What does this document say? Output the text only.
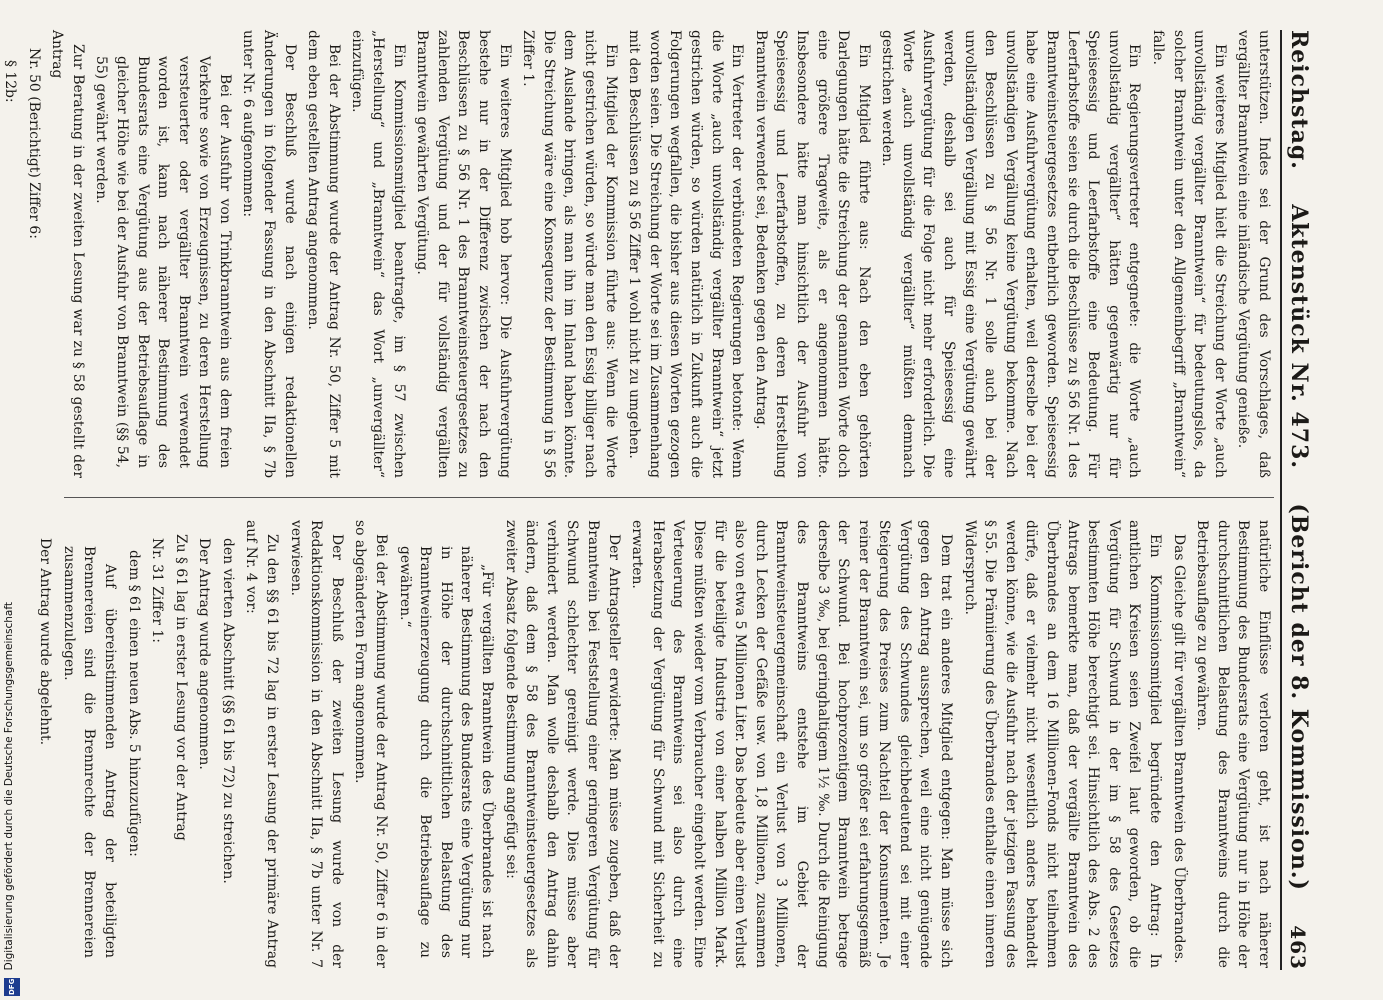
Digitalisierung gefördert durch die Deutsche Forschungsgemeinschaft
DFG
Reichstag.
Aktenstück Nr. 473.
(Bericht der 8. Kommission.)
463

unterstützen. Indes sei der Grund des Vorschlages, daß vergällter Branntwein eine inländische Vergütung genieße.

Ein weiteres Mitglied hielt die Streichung der Worte „auch unvollständig vergällter Branntwein“ für bedeutungslos, da solcher Branntwein unter den Allgemeinbegriff „Branntwein“ falle.

Ein Regierungsvertreter entgegnete: die Worte „auch unvollständig vergällter“ hätten gegenwärtig nur für Speiseessig und Leerfarbstoffe eine Bedeutung. Für Leerfarbstoffe seien sie durch die Beschlüsse zu § 56 Nr. 1 des Branntweinsteuergesetzes entbehrlich geworden. Speiseessig habe eine Ausfuhrvergütung erhalten, weil derselbe bei der unvollständigen Vergällung keine Vergütung bekomme. Nach den Beschlüssen zu § 56 Nr. 1 solle auch bei der unvollständigen Vergällung mit Essig eine Vergütung gewährt werden, deshalb sei auch für Speiseessig eine Ausfuhrvergütung für die Folge nicht mehr erforderlich. Die Worte „auch unvollständig vergällter“ müßten demnach gestrichen werden.

Ein Mitglied führte aus: Nach den eben gehörten Darlegungen hätte die Streichung der genannten Worte doch eine größere Tragweite, als er angenommen hätte. Insbesondere hätte man hinsichtlich der Ausfuhr von Speiseessig und Leerfarbstoffen, zu deren Herstellung Branntwein verwendet sei, Bedenken gegen den Antrag.

Ein Vertreter der verbündeten Regierungen betonte: Wenn die Worte „auch unvollständig vergällter Branntwein“ jetzt gestrichen würden, so würden natürlich in Zukunft auch die Folgerungen wegfallen, die bisher aus diesen Worten gezogen worden seien. Die Streichung der Worte sei im Zusammenhang mit den Beschlüssen zu § 56 Ziffer 1 wohl nicht zu umgehen.

Ein Mitglied der Kommission führte aus: Wenn die Worte nicht gestrichen würden, so würde man den Essig billiger nach dem Auslande bringen, als man ihn im Inland haben könnte. Die Streichung wäre eine Konsequenz der Bestimmung in § 56 Ziffer 1.

Ein weiteres Mitglied hob hervor: Die Ausfuhrvergütung bestehe nur in der Differenz zwischen der nach den Beschlüssen zu § 56 Nr. 1 des Branntweinsteuergesetzes zu zahlenden Vergütung und der für vollständig vergällten Branntwein gewährten Vergütung.

Ein Kommissionsmitglied beantragte, im § 57 zwischen „Herstellung“ und „Branntwein“ das Wort „unvergällter“ einzufügen.

Bei der Abstimmung wurde der Antrag Nr. 50, Ziffer 5 mit dem eben gestellten Antrag angenommen.

Der Beschluß wurde nach einigen redaktionellen Änderungen in folgender Fassung in den Abschnitt IIa, § 7b unter Nr. 6 aufgenommen:

Bei der Ausfuhr von Trinkbranntwein aus dem freien Verkehre sowie von Erzeugnissen, zu deren Herstellung versteuerter oder vergällter Branntwein verwendet worden ist, kann nach näherer Bestimmung des Bundesrats eine Vergütung aus der Betriebsauflage in gleicher Höhe wie bei der Ausfuhr von Branntwein (§§ 54, 55) gewährt werden.

Zur Beratung in der zweiten Lesung war zu § 58 gestellt der Antrag

Nr. 50 (Berichtigt) Ziffer 6:

§ 12b:

natürliche Einflüsse verloren geht, ist nach näherer Bestimmung des Bundesrats eine Vergütung nur in Höhe der durchschnittlichen Belastung des Branntweins durch die Betriebsauflage zu gewähren.

Das Gleiche gilt für vergällten Branntwein des Überbrandes.

Ein Kommissionsmitglied begründete den Antrag: In amtlichen Kreisen seien Zweifel laut geworden, ob die Vergütung für Schwund in der im § 58 des Gesetzes bestimmten Höhe berechtigt sei. Hinsichtlich des Abs. 2 des Antrags bemerkte man, daß der vergällte Branntwein des Überbrandes an dem 16 Millionen-Fonds nicht teilnehmen dürfe, daß er vielmehr nicht wesentlich anders behandelt werden könne, wie die Ausfuhr nach der jetzigen Fassung des § 55. Die Prämiierung des Überbrandes enthalte einen inneren Widerspruch.

Dem trat ein anderes Mitglied entgegen: Man müsse sich gegen den Antrag aussprechen, weil eine nicht genügende Vergütung des Schwundes gleichbedeutend sei mit einer Steigerung des Preises zum Nachteil der Konsumenten. Je reiner der Branntwein sei, um so größer sei erfahrungsgemäß der Schwund. Bei hochprozentigem Branntwein betrage derselbe 3 ‰, bei geringhaltigem 1½ ‰. Durch die Reinigung des Branntweins entstehe im Gebiet der Branntweinsteuergemeinschaft ein Verlust von 3 Millionen, durch Lecken der Gefäße usw. von 1,8 Millionen, zusammen also von etwa 5 Millionen Liter. Das bedeute aber einen Verlust für die beteiligte Industrie von einer halben Million Mark. Diese müßten wieder vom Verbraucher eingeholt werden. Eine Verteuerung des Branntweins sei also durch eine Herabsetzung der Vergütung für Schwund mit Sicherheit zu erwarten.

Der Antragsteller erwiderte: Man müsse zugeben, daß der Branntwein bei Feststellung einer geringeren Vergütung für Schwund schlechter gereinigt werde. Dies müsse aber verhindert werden. Man wolle deshalb den Antrag dahin ändern, daß dem § 58 des Branntweinsteuergesetzes als zweiter Absatz folgende Bestimmung angefügt sei:

„Für vergällten Branntwein des Überbrandes ist nach näherer Bestimmung des Bundesrats eine Vergütung nur in Höhe der durchschnittlichen Belastung des Branntweinerzeugung durch die Betriebsauflage zu gewähren.“

Bei der Abstimmung wurde der Antrag Nr. 50, Ziffer 6 in der so abgeänderten Form angenommen.

Der Beschluß der zweiten Lesung wurde von der Redaktionskommission in den Abschnitt IIa, § 7b unter Nr. 7 verwiesen.

Zu den §§ 61 bis 72 lag in erster Lesung der primäre Antrag auf Nr. 4 vor:

den vierten Abschnitt (§§ 61 bis 72) zu streichen.

Der Antrag wurde angenommen.

Zu § 61 lag in erster Lesung vor der Antrag

Nr. 31 Ziffer 1:

dem § 61 einen neuen Abs. 5 hinzuzufügen:

Auf übereinstimmenden Antrag der beteiligten Brennereien sind die Brennrechte der Brennereien zusammenzulegen.

Der Antrag wurde abgelehnt.
